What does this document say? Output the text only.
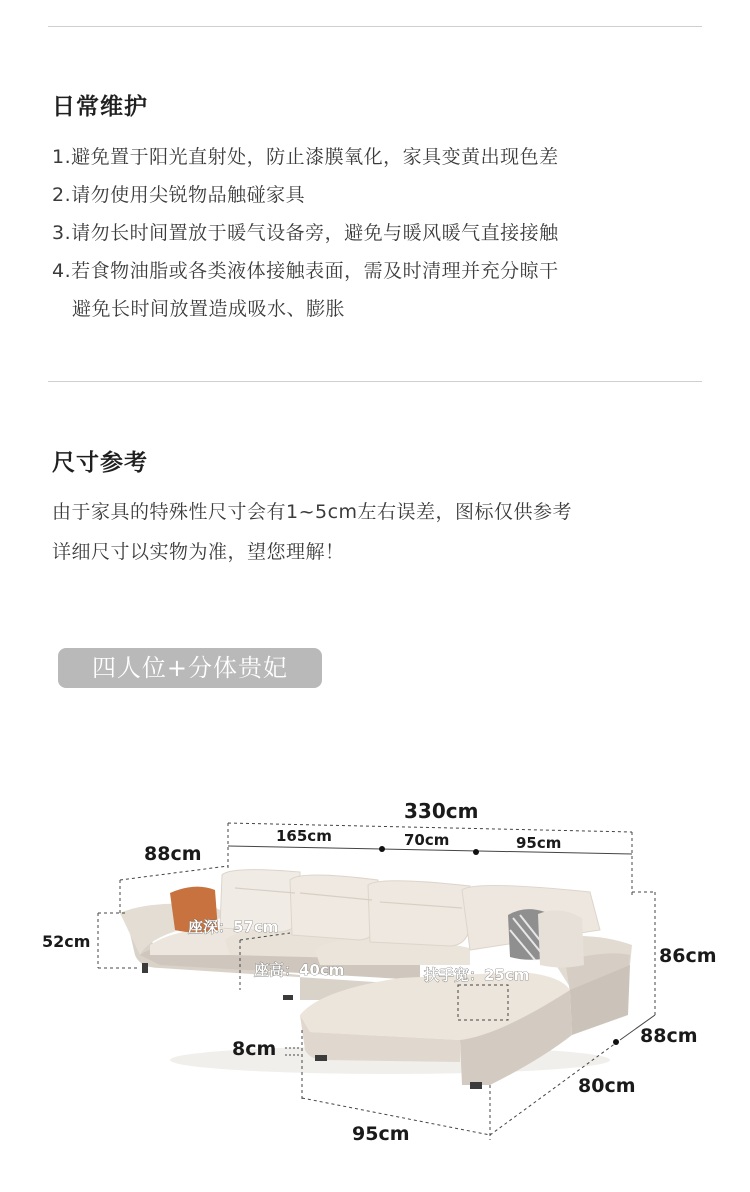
日常维护
1.避免置于阳光直射处，防止漆膜氧化，家具变黄出现色差
2.请勿使用尖锐物品触碰家具
3.请勿长时间置放于暖气设备旁，避免与暖风暖气直接接触
4.若食物油脂或各类液体接触表面，需及时清理并充分晾干
避免长时间放置造成吸水、膨胀
尺寸参考
由于家具的特殊性尺寸会有1~5cm左右误差，图标仅供参考
详细尺寸以实物为准，望您理解！
四人位+分体贵妃
330cm
165cm	70cm	95cm
88cm
52cm
座深：57cm
座高：40cm	扶手宽：25cm
86cm
88cm
80cm
8cm
95cm
